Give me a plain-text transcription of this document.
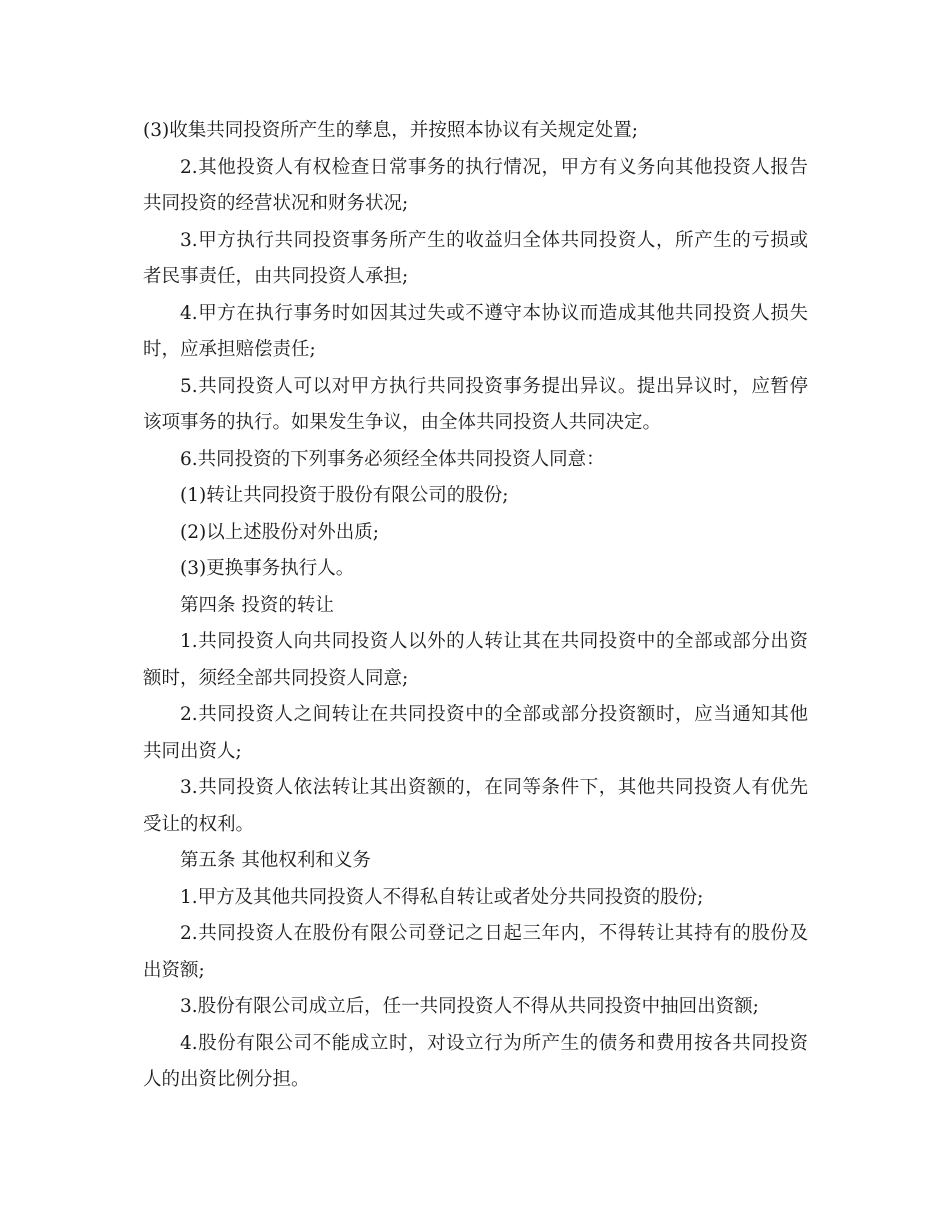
(3)收集共同投资所产生的孳息，并按照本协议有关规定处置;

2.其他投资人有权检查日常事务的执行情况，甲方有义务向其他投资人报告共同投资的经营状况和财务状况;

3.甲方执行共同投资事务所产生的收益归全体共同投资人，所产生的亏损或者民事责任，由共同投资人承担;

4.甲方在执行事务时如因其过失或不遵守本协议而造成其他共同投资人损失时，应承担赔偿责任;

5.共同投资人可以对甲方执行共同投资事务提出异议。提出异议时，应暂停该项事务的执行。如果发生争议，由全体共同投资人共同决定。

6.共同投资的下列事务必须经全体共同投资人同意：

(1)转让共同投资于股份有限公司的股份;

(2)以上述股份对外出质;

(3)更换事务执行人。

第四条 投资的转让

1.共同投资人向共同投资人以外的人转让其在共同投资中的全部或部分出资额时，须经全部共同投资人同意;

2.共同投资人之间转让在共同投资中的全部或部分投资额时，应当通知其他共同出资人;

3.共同投资人依法转让其出资额的，在同等条件下，其他共同投资人有优先受让的权利。

第五条 其他权利和义务

1.甲方及其他共同投资人不得私自转让或者处分共同投资的股份;

2.共同投资人在股份有限公司登记之日起三年内，不得转让其持有的股份及出资额;

3.股份有限公司成立后，任一共同投资人不得从共同投资中抽回出资额;

4.股份有限公司不能成立时，对设立行为所产生的债务和费用按各共同投资人的出资比例分担。
